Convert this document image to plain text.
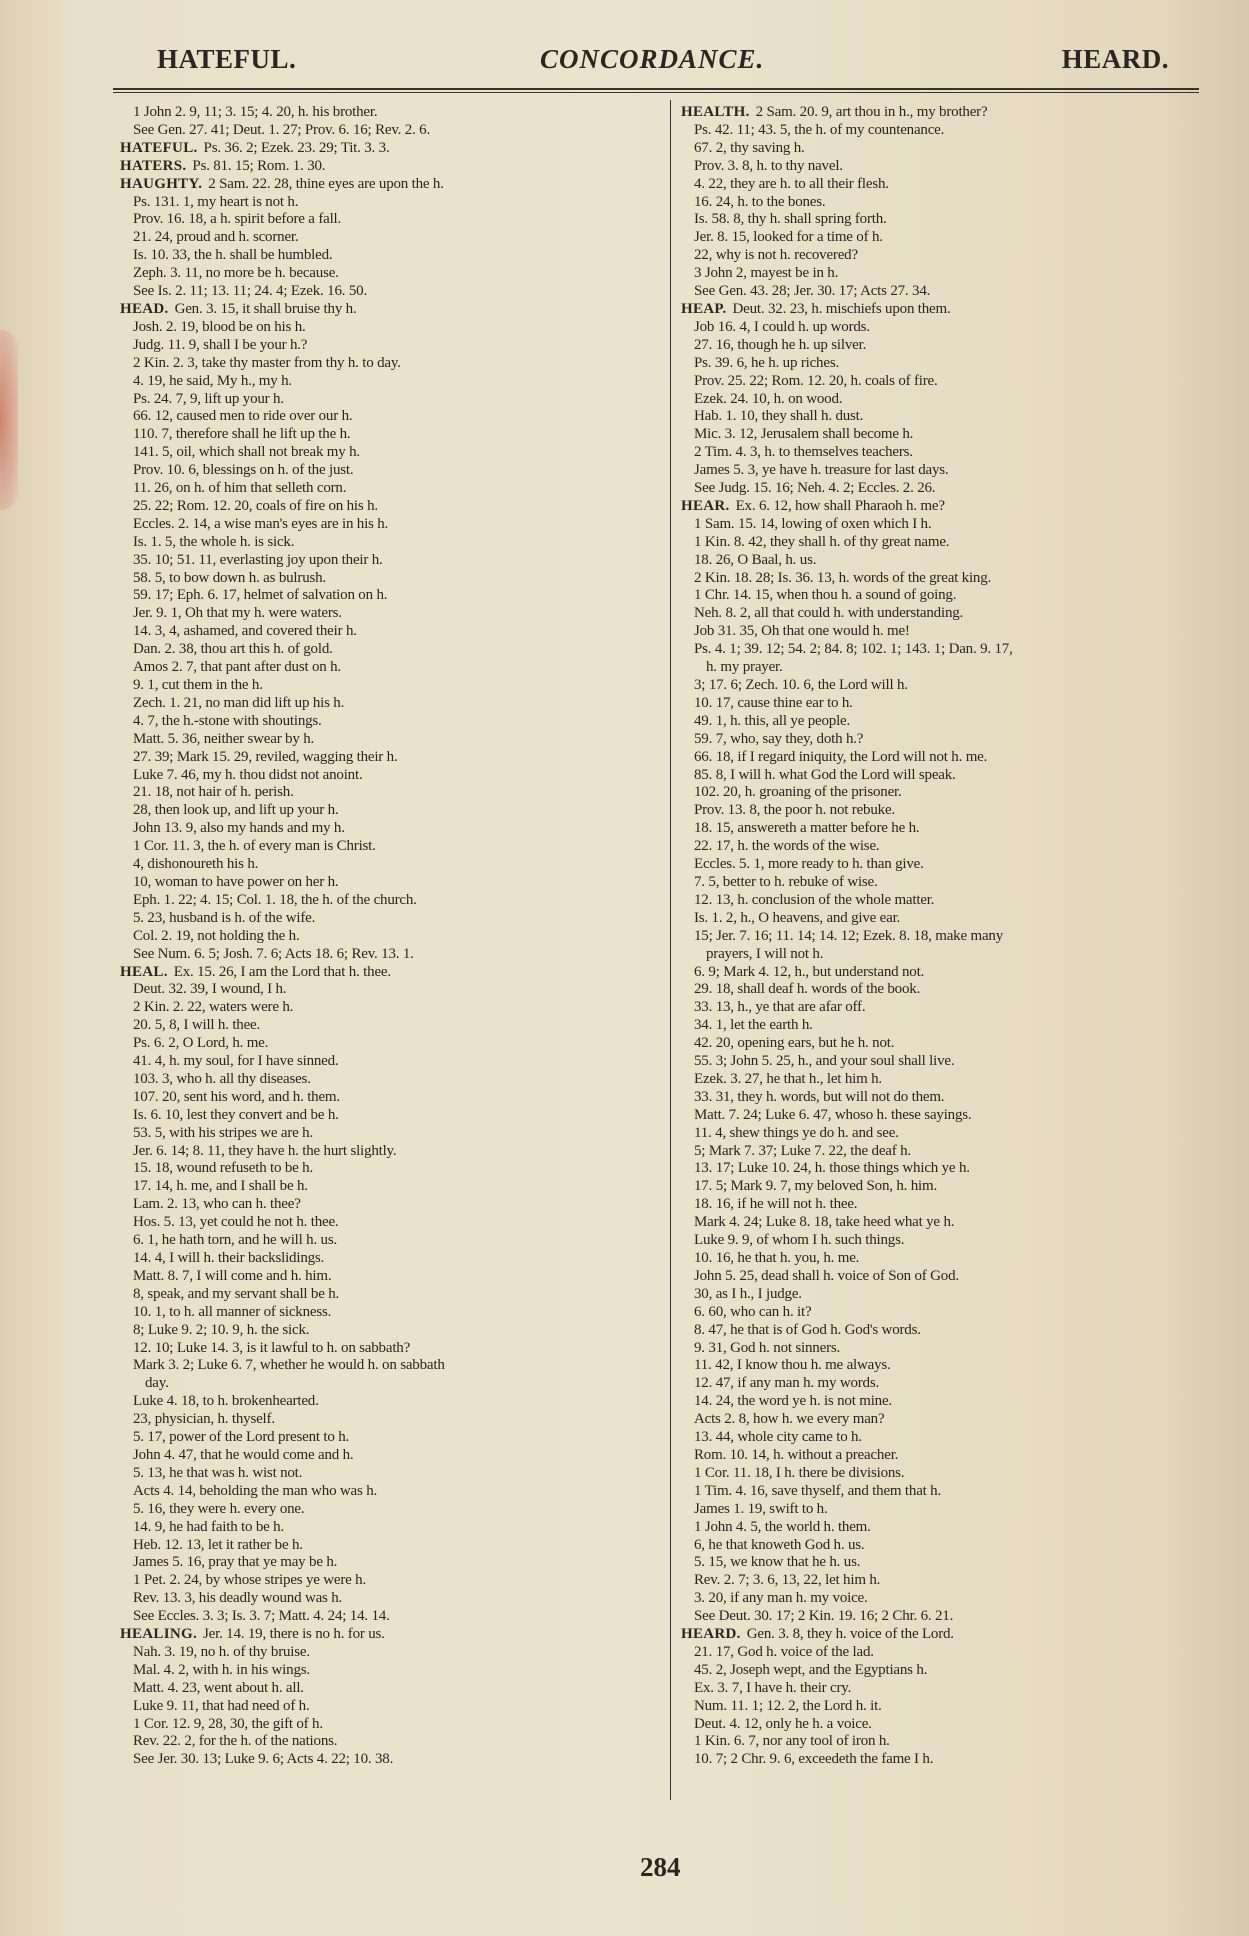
HATEFUL.	CONCORDANCE.	HEARD.
1 John 2. 9, 11; 3. 15; 4. 20, h. his brother.
See Gen. 27. 41; Deut. 1. 27; Prov. 6. 16; Rev. 2. 6.
HATEFUL. Ps. 36. 2; Ezek. 23. 29; Tit. 3. 3.
HATERS. Ps. 81. 15; Rom. 1. 30.
HAUGHTY. 2 Sam. 22. 28, thine eyes are upon the h.
Ps. 131. 1, my heart is not h.
Prov. 16. 18, a h. spirit before a fall.
21. 24, proud and h. scorner.
Is. 10. 33, the h. shall be humbled.
Zeph. 3. 11, no more be h. because.
See Is. 2. 11; 13. 11; 24. 4; Ezek. 16. 50.
HEAD. Gen. 3. 15, it shall bruise thy h.
Josh. 2. 19, blood be on his h.
Judg. 11. 9, shall I be your h.?
2 Kin. 2. 3, take thy master from thy h. to day.
4. 19, he said, My h., my h.
Ps. 24. 7, 9, lift up your h.
66. 12, caused men to ride over our h.
110. 7, therefore shall he lift up the h.
141. 5, oil, which shall not break my h.
Prov. 10. 6, blessings on h. of the just.
11. 26, on h. of him that selleth corn.
25. 22; Rom. 12. 20, coals of fire on his h.
Eccles. 2. 14, a wise man's eyes are in his h.
Is. 1. 5, the whole h. is sick.
35. 10; 51. 11, everlasting joy upon their h.
58. 5, to bow down h. as bulrush.
59. 17; Eph. 6. 17, helmet of salvation on h.
Jer. 9. 1, Oh that my h. were waters.
14. 3, 4, ashamed, and covered their h.
Dan. 2. 38, thou art this h. of gold.
Amos 2. 7, that pant after dust on h.
9. 1, cut them in the h.
Zech. 1. 21, no man did lift up his h.
4. 7, the h.-stone with shoutings.
Matt. 5. 36, neither swear by h.
27. 39; Mark 15. 29, reviled, wagging their h.
Luke 7. 46, my h. thou didst not anoint.
21. 18, not hair of h. perish.
28, then look up, and lift up your h.
John 13. 9, also my hands and my h.
1 Cor. 11. 3, the h. of every man is Christ.
4, dishonoureth his h.
10, woman to have power on her h.
Eph. 1. 22; 4. 15; Col. 1. 18, the h. of the church.
5. 23, husband is h. of the wife.
Col. 2. 19, not holding the h.
See Num. 6. 5; Josh. 7. 6; Acts 18. 6; Rev. 13. 1.
HEAL. Ex. 15. 26, I am the Lord that h. thee.
Deut. 32. 39, I wound, I h.
2 Kin. 2. 22, waters were h.
20. 5, 8, I will h. thee.
Ps. 6. 2, O Lord, h. me.
41. 4, h. my soul, for I have sinned.
103. 3, who h. all thy diseases.
107. 20, sent his word, and h. them.
Is. 6. 10, lest they convert and be h.
53. 5, with his stripes we are h.
Jer. 6. 14; 8. 11, they have h. the hurt slightly.
15. 18, wound refuseth to be h.
17. 14, h. me, and I shall be h.
Lam. 2. 13, who can h. thee?
Hos. 5. 13, yet could he not h. thee.
6. 1, he hath torn, and he will h. us.
14. 4, I will h. their backslidings.
Matt. 8. 7, I will come and h. him.
8, speak, and my servant shall be h.
10. 1, to h. all manner of sickness.
8; Luke 9. 2; 10. 9, h. the sick.
12. 10; Luke 14. 3, is it lawful to h. on sabbath?
Mark 3. 2; Luke 6. 7, whether he would h. on sabbath
day.
Luke 4. 18, to h. brokenhearted.
23, physician, h. thyself.
5. 17, power of the Lord present to h.
John 4. 47, that he would come and h.
5. 13, he that was h. wist not.
Acts 4. 14, beholding the man who was h.
5. 16, they were h. every one.
14. 9, he had faith to be h.
Heb. 12. 13, let it rather be h.
James 5. 16, pray that ye may be h.
1 Pet. 2. 24, by whose stripes ye were h.
Rev. 13. 3, his deadly wound was h.
See Eccles. 3. 3; Is. 3. 7; Matt. 4. 24; 14. 14.
HEALING. Jer. 14. 19, there is no h. for us.
Nah. 3. 19, no h. of thy bruise.
Mal. 4. 2, with h. in his wings.
Matt. 4. 23, went about h. all.
Luke 9. 11, that had need of h.
1 Cor. 12. 9, 28, 30, the gift of h.
Rev. 22. 2, for the h. of the nations.
See Jer. 30. 13; Luke 9. 6; Acts 4. 22; 10. 38.
HEALTH. 2 Sam. 20. 9, art thou in h., my brother?
Ps. 42. 11; 43. 5, the h. of my countenance.
67. 2, thy saving h.
Prov. 3. 8, h. to thy navel.
4. 22, they are h. to all their flesh.
16. 24, h. to the bones.
Is. 58. 8, thy h. shall spring forth.
Jer. 8. 15, looked for a time of h.
22, why is not h. recovered?
3 John 2, mayest be in h.
See Gen. 43. 28; Jer. 30. 17; Acts 27. 34.
HEAP. Deut. 32. 23, h. mischiefs upon them.
Job 16. 4, I could h. up words.
27. 16, though he h. up silver.
Ps. 39. 6, he h. up riches.
Prov. 25. 22; Rom. 12. 20, h. coals of fire.
Ezek. 24. 10, h. on wood.
Hab. 1. 10, they shall h. dust.
Mic. 3. 12, Jerusalem shall become h.
2 Tim. 4. 3, h. to themselves teachers.
James 5. 3, ye have h. treasure for last days.
See Judg. 15. 16; Neh. 4. 2; Eccles. 2. 26.
HEAR. Ex. 6. 12, how shall Pharaoh h. me?
1 Sam. 15. 14, lowing of oxen which I h.
1 Kin. 8. 42, they shall h. of thy great name.
18. 26, O Baal, h. us.
2 Kin. 18. 28; Is. 36. 13, h. words of the great king.
1 Chr. 14. 15, when thou h. a sound of going.
Neh. 8. 2, all that could h. with understanding.
Job 31. 35, Oh that one would h. me!
Ps. 4. 1; 39. 12; 54. 2; 84. 8; 102. 1; 143. 1; Dan. 9. 17,
h. my prayer.
3; 17. 6; Zech. 10. 6, the Lord will h.
10. 17, cause thine ear to h.
49. 1, h. this, all ye people.
59. 7, who, say they, doth h.?
66. 18, if I regard iniquity, the Lord will not h. me.
85. 8, I will h. what God the Lord will speak.
102. 20, h. groaning of the prisoner.
Prov. 13. 8, the poor h. not rebuke.
18. 15, answereth a matter before he h.
22. 17, h. the words of the wise.
Eccles. 5. 1, more ready to h. than give.
7. 5, better to h. rebuke of wise.
12. 13, h. conclusion of the whole matter.
Is. 1. 2, h., O heavens, and give ear.
15; Jer. 7. 16; 11. 14; 14. 12; Ezek. 8. 18, make many
prayers, I will not h.
6. 9; Mark 4. 12, h., but understand not.
29. 18, shall deaf h. words of the book.
33. 13, h., ye that are afar off.
34. 1, let the earth h.
42. 20, opening ears, but he h. not.
55. 3; John 5. 25, h., and your soul shall live.
Ezek. 3. 27, he that h., let him h.
33. 31, they h. words, but will not do them.
Matt. 7. 24; Luke 6. 47, whoso h. these sayings.
11. 4, shew things ye do h. and see.
5; Mark 7. 37; Luke 7. 22, the deaf h.
13. 17; Luke 10. 24, h. those things which ye h.
17. 5; Mark 9. 7, my beloved Son, h. him.
18. 16, if he will not h. thee.
Mark 4. 24; Luke 8. 18, take heed what ye h.
Luke 9. 9, of whom I h. such things.
10. 16, he that h. you, h. me.
John 5. 25, dead shall h. voice of Son of God.
30, as I h., I judge.
6. 60, who can h. it?
8. 47, he that is of God h. God's words.
9. 31, God h. not sinners.
11. 42, I know thou h. me always.
12. 47, if any man h. my words.
14. 24, the word ye h. is not mine.
Acts 2. 8, how h. we every man?
13. 44, whole city came to h.
Rom. 10. 14, h. without a preacher.
1 Cor. 11. 18, I h. there be divisions.
1 Tim. 4. 16, save thyself, and them that h.
James 1. 19, swift to h.
1 John 4. 5, the world h. them.
6, he that knoweth God h. us.
5. 15, we know that he h. us.
Rev. 2. 7; 3. 6, 13, 22, let him h.
3. 20, if any man h. my voice.
See Deut. 30. 17; 2 Kin. 19. 16; 2 Chr. 6. 21.
HEARD. Gen. 3. 8, they h. voice of the Lord.
21. 17, God h. voice of the lad.
45. 2, Joseph wept, and the Egyptians h.
Ex. 3. 7, I have h. their cry.
Num. 11. 1; 12. 2, the Lord h. it.
Deut. 4. 12, only he h. a voice.
1 Kin. 6. 7, nor any tool of iron h.
10. 7; 2 Chr. 9. 6, exceedeth the fame I h.
284
